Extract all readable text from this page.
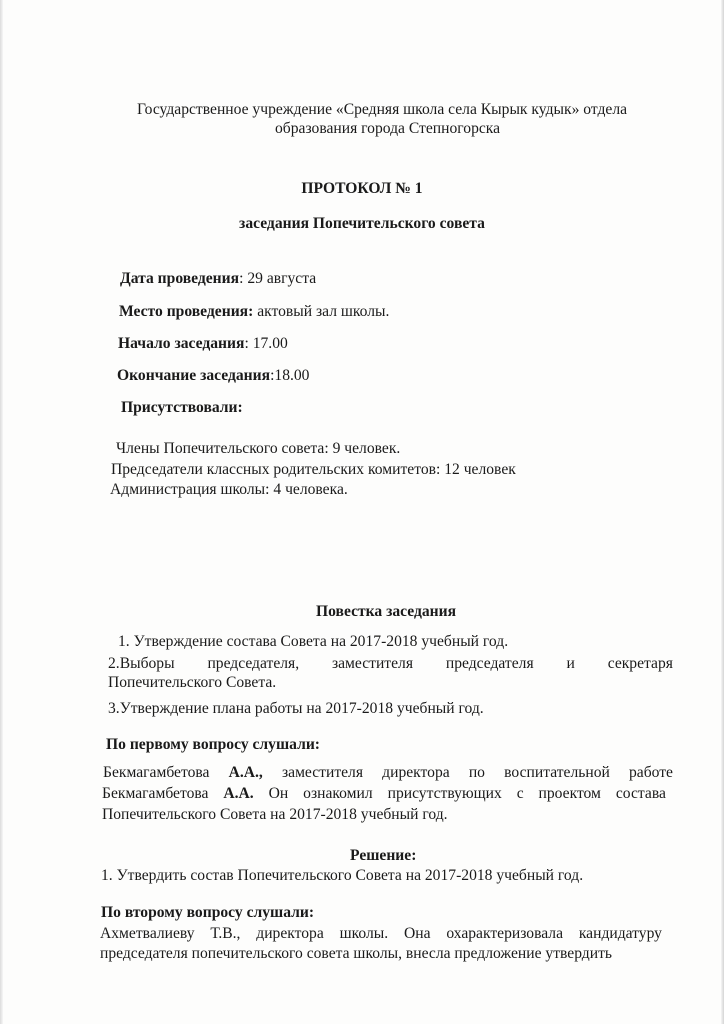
Государственное учреждение «Средняя школа села Кырык кудык» отдела
образования города Степногорска
ПРОТОКОЛ № 1
заседания Попечительского совета
Дата проведения: 29 августа
Место проведения: актовый зал школы.
Начало заседания: 17.00
Окончание заседания:18.00
Присутствовали:
Члены Попечительского совета: 9 человек.
Председатели классных родительских комитетов: 12 человек
Администрация школы: 4 человека.
Повестка заседания
1. Утверждение состава Совета на 2017-2018 учебный год.
2.Выборы председателя, заместителя председателя и секретаря
Попечительского Совета.
3.Утверждение плана работы на 2017-2018 учебный год.
По первому вопросу слушали:
Бекмагамбетова А.А., заместителя директора по воспитательной работе
Бекмагамбетова А.А. Он ознакомил присутствующих с проектом состава
Попечительского Совета на 2017-2018 учебный год.
Решение:
1. Утвердить состав Попечительского Совета на 2017-2018 учебный год.
По второму вопросу слушали:
Ахметвалиеву Т.В., директора школы. Она охарактеризовала кандидатуру
председателя попечительского совета школы, внесла предложение утвердить
